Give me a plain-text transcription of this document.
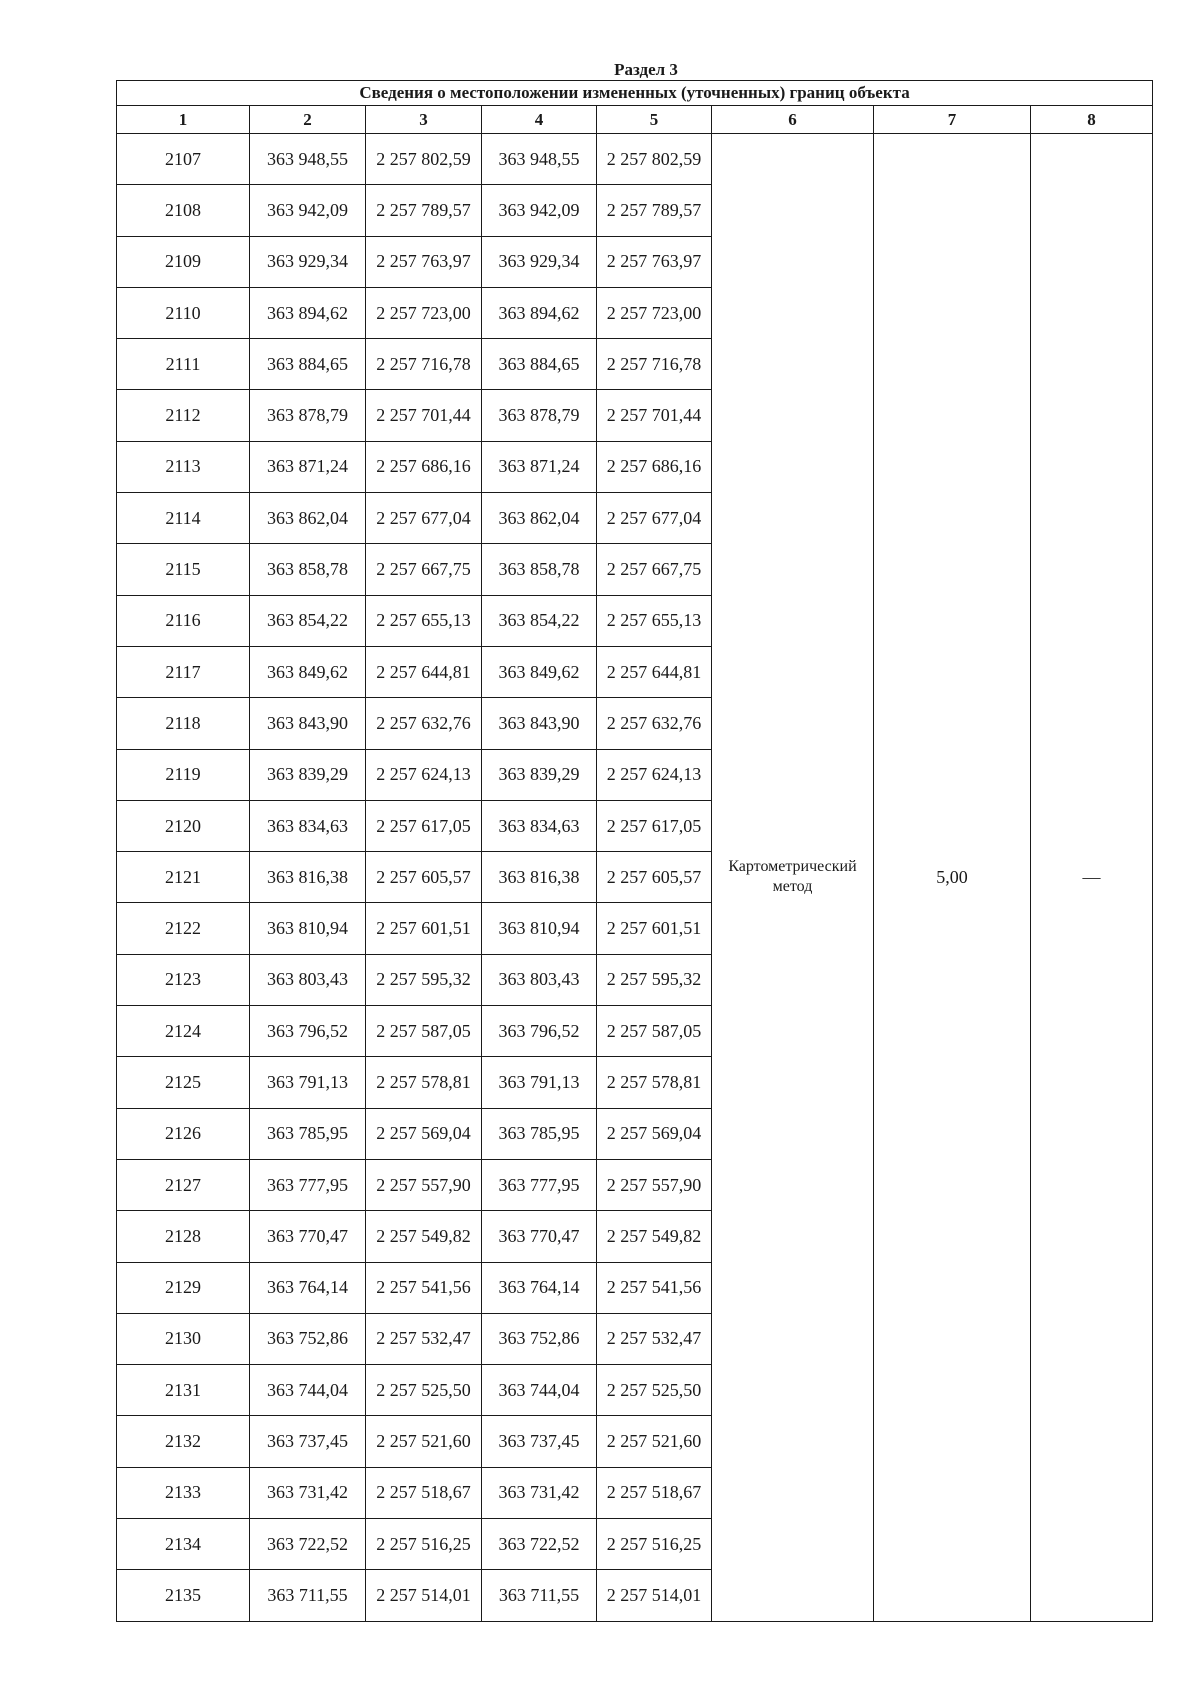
Раздел 3
Сведения о местоположении измененных (уточненных) границ объекта							
1	2	3	4	5	6	7	8
2107	363 948,55	2 257 802,59	363 948,55	2 257 802,59	Картометрический метод	5,00	—
2108	363 942,09	2 257 789,57	363 942,09	2 257 789,57			
2109	363 929,34	2 257 763,97	363 929,34	2 257 763,97			
2110	363 894,62	2 257 723,00	363 894,62	2 257 723,00			
2111	363 884,65	2 257 716,78	363 884,65	2 257 716,78			
2112	363 878,79	2 257 701,44	363 878,79	2 257 701,44			
2113	363 871,24	2 257 686,16	363 871,24	2 257 686,16			
2114	363 862,04	2 257 677,04	363 862,04	2 257 677,04			
2115	363 858,78	2 257 667,75	363 858,78	2 257 667,75			
2116	363 854,22	2 257 655,13	363 854,22	2 257 655,13			
2117	363 849,62	2 257 644,81	363 849,62	2 257 644,81			
2118	363 843,90	2 257 632,76	363 843,90	2 257 632,76			
2119	363 839,29	2 257 624,13	363 839,29	2 257 624,13			
2120	363 834,63	2 257 617,05	363 834,63	2 257 617,05			
2121	363 816,38	2 257 605,57	363 816,38	2 257 605,57			
2122	363 810,94	2 257 601,51	363 810,94	2 257 601,51			
2123	363 803,43	2 257 595,32	363 803,43	2 257 595,32			
2124	363 796,52	2 257 587,05	363 796,52	2 257 587,05			
2125	363 791,13	2 257 578,81	363 791,13	2 257 578,81			
2126	363 785,95	2 257 569,04	363 785,95	2 257 569,04			
2127	363 777,95	2 257 557,90	363 777,95	2 257 557,90			
2128	363 770,47	2 257 549,82	363 770,47	2 257 549,82			
2129	363 764,14	2 257 541,56	363 764,14	2 257 541,56			
2130	363 752,86	2 257 532,47	363 752,86	2 257 532,47			
2131	363 744,04	2 257 525,50	363 744,04	2 257 525,50			
2132	363 737,45	2 257 521,60	363 737,45	2 257 521,60			
2133	363 731,42	2 257 518,67	363 731,42	2 257 518,67			
2134	363 722,52	2 257 516,25	363 722,52	2 257 516,25			
2135	363 711,55	2 257 514,01	363 711,55	2 257 514,01			
